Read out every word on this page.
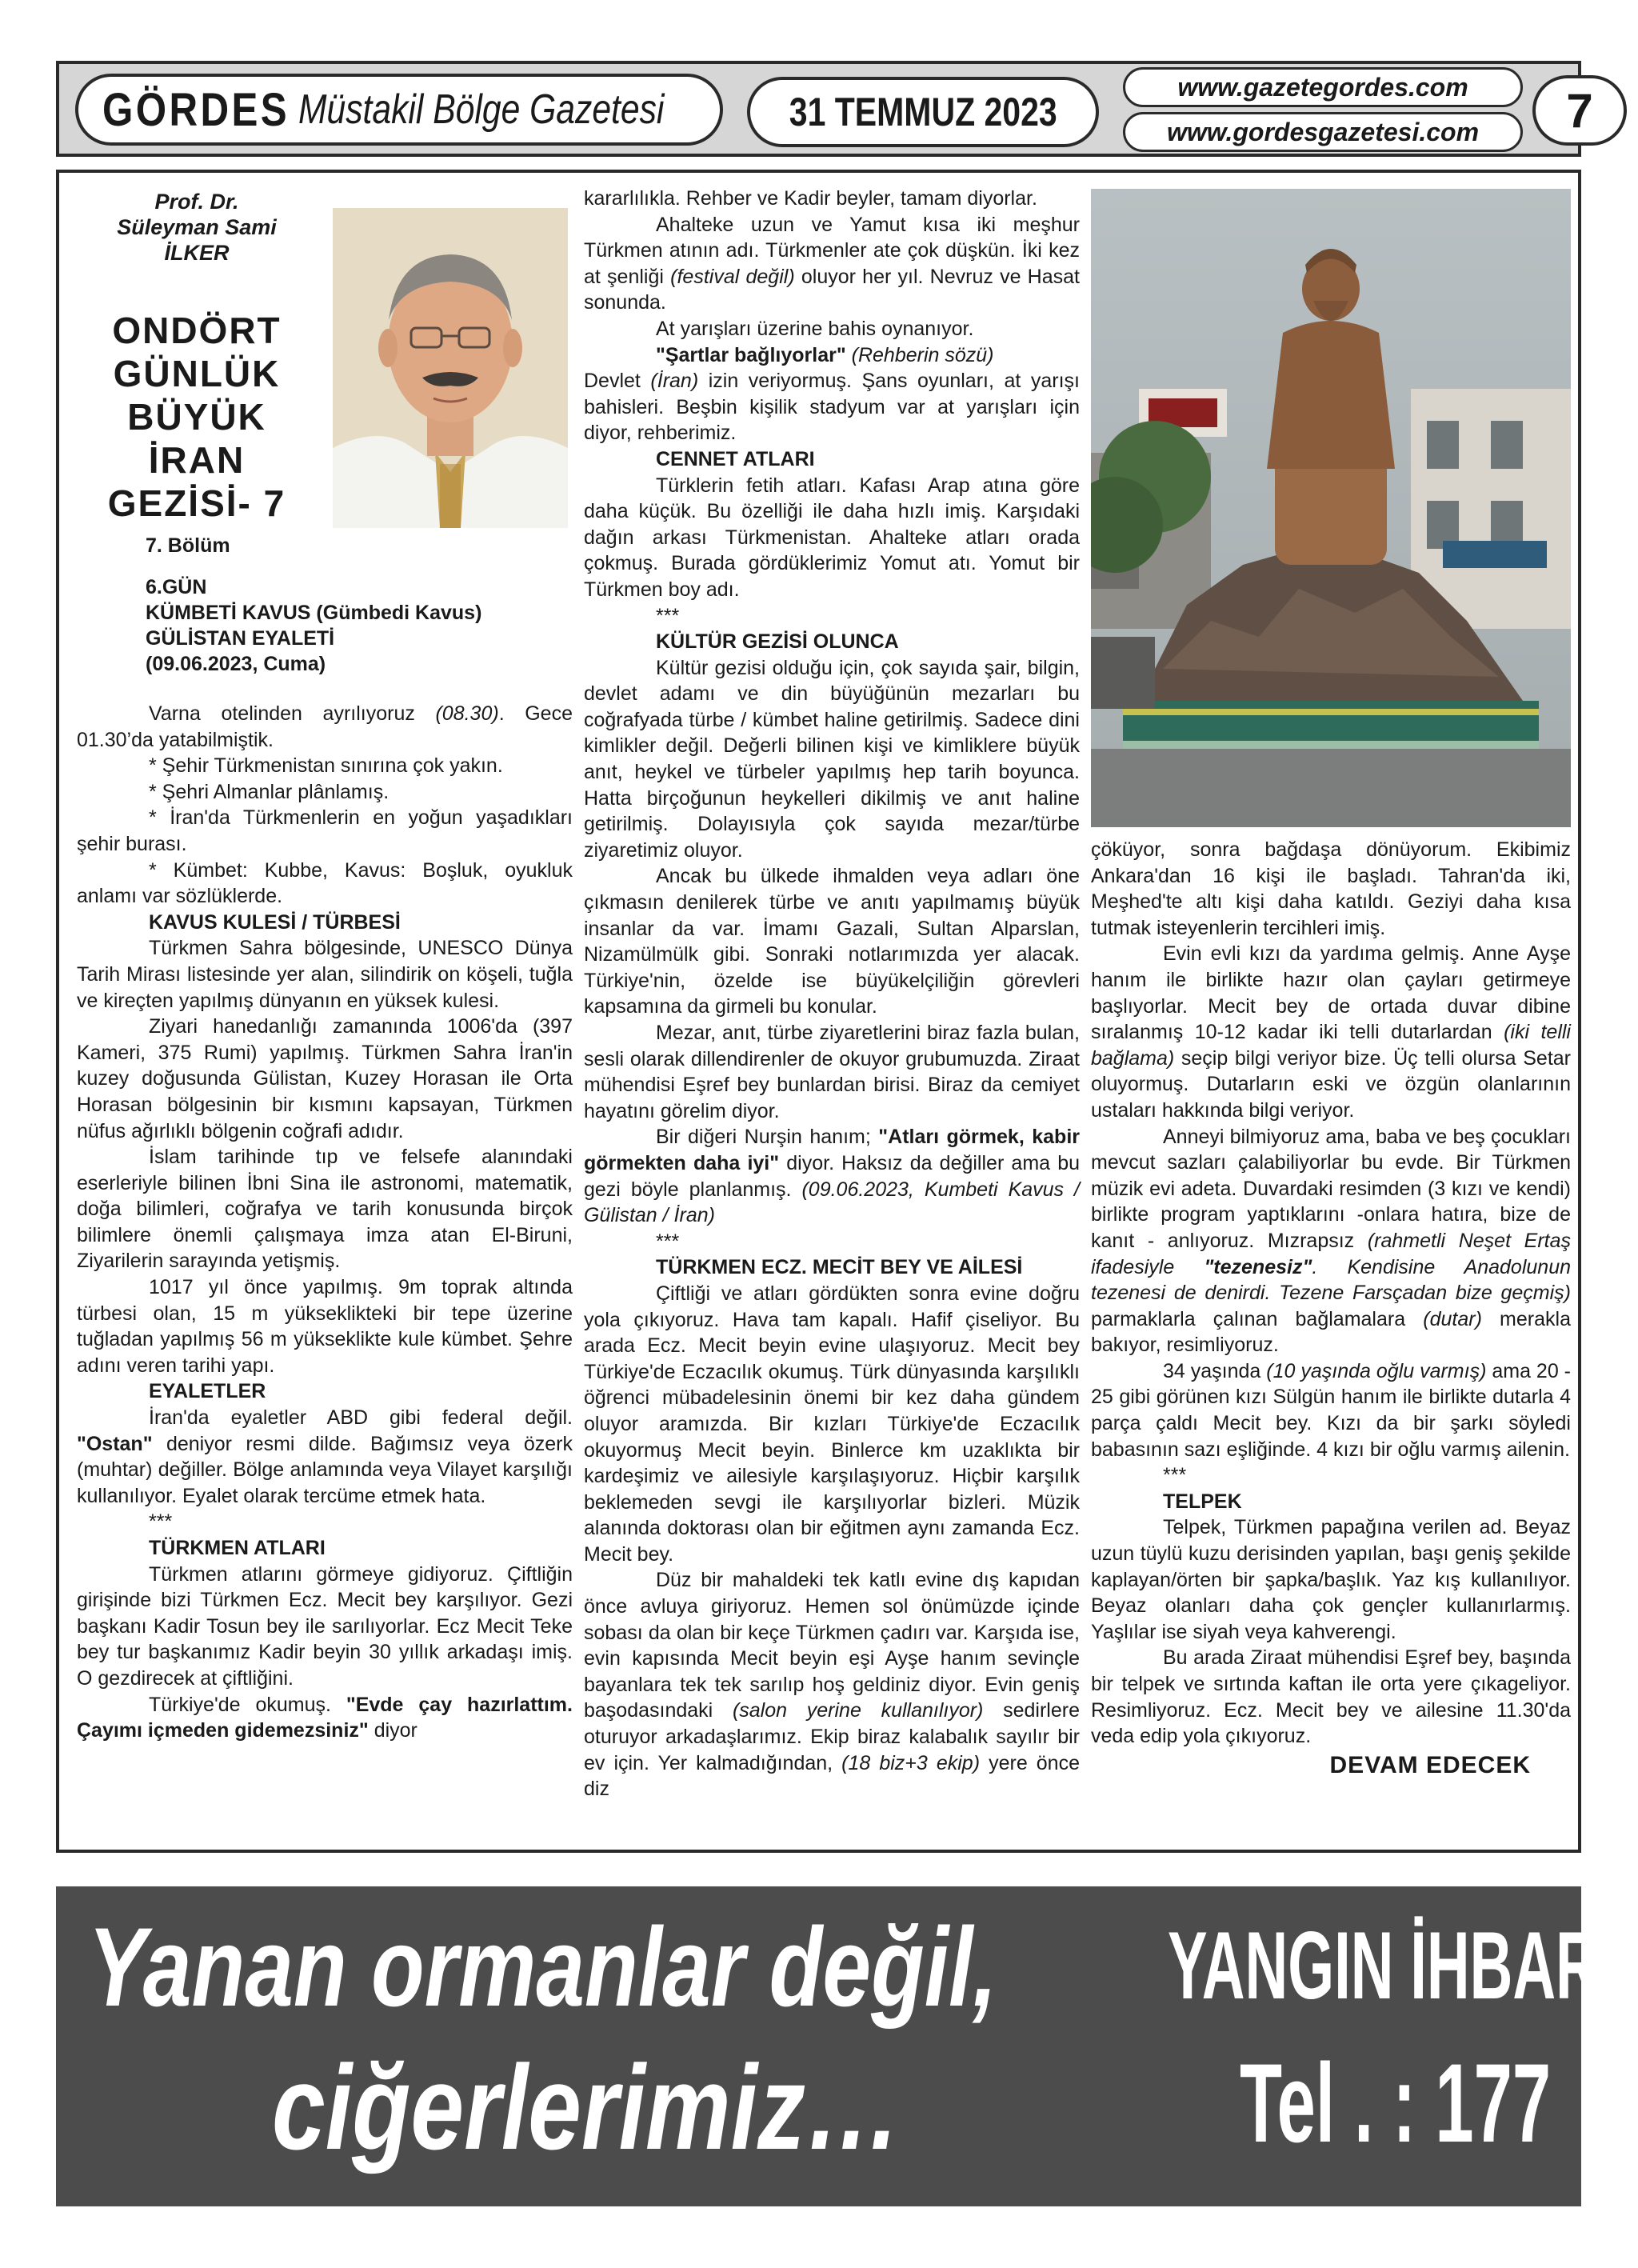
GÖRDES Müstakil Bölge Gazetesi	31 TEMMUZ 2023
www.gazetegordes.com
www.gordesgazetesi.com 7
Prof. Dr.
Süleyman Sami
İLKER
ONDÖRT
GÜNLÜK
BÜYÜK
İRAN
GEZİSİ- 7
7. Bölüm
6.GÜN
KÜMBETİ KAVUS (Gümbedi Kavus)
GÜLİSTAN EYALETİ
(09.06.2023, Cuma)

Varna otelinden ayrılıyoruz (08.30). Gece 01.30’da yatabilmiştik.

* Şehir Türkmenistan sınırına çok yakın.

* Şehri Almanlar plânlamış.

* İran'da Türkmenlerin en yoğun yaşadıkları şehir burası.

* Kümbet: Kubbe, Kavus: Boşluk, oyukluk anlamı var sözlüklerde.

KAVUS KULESİ / TÜRBESİ

Türkmen Sahra bölgesinde, UNESCO Dünya Tarih Mirası listesinde yer alan, silindirik on köşeli, tuğla ve kireçten yapılmış dünyanın en yüksek kulesi.

Ziyari hanedanlığı zamanında 1006'da (397 Kameri, 375 Rumi) yapılmış. Türkmen Sahra İran'in kuzey doğusunda Gülistan, Kuzey Horasan ile Orta Horasan bölgesinin bir kısmını kapsayan, Türkmen nüfus ağırlıklı bölgenin coğrafi adıdır.

İslam tarihinde tıp ve felsefe alanındaki eserleriyle bilinen İbni Sina ile astronomi, matematik, doğa bilimleri, coğrafya ve tarih konusunda birçok bilimlere önemli çalışmaya imza atan El-Biruni, Ziyarilerin sarayında yetişmiş.

1017 yıl önce yapılmış. 9m toprak altında türbesi olan, 15 m yükseklikteki bir tepe üzerine tuğladan yapılmış 56 m yükseklikte kule kümbet. Şehre adını veren tarihi yapı.

EYALETLER

İran'da eyaletler ABD gibi federal değil. "Ostan" deniyor resmi dilde. Bağımsız veya özerk (muhtar) değiller. Bölge anlamında veya Vilayet karşılığı kullanılıyor. Eyalet olarak tercüme etmek hata.

***

TÜRKMEN ATLARI

Türkmen atlarını görmeye gidiyoruz. Çiftliğin girişinde bizi Türkmen Ecz. Mecit bey karşılıyor. Gezi başkanı Kadir Tosun bey ile sarılıyorlar. Ecz Mecit Teke bey tur başkanımız Kadir beyin 30 yıllık arkadaşı imiş. O gezdirecek at çiftliğini.

Türkiye'de okumuş. "Evde çay hazırlattım. Çayımı içmeden gidemezsiniz" diyor

kararlılıkla. Rehber ve Kadir beyler, tamam diyorlar.

Ahalteke uzun ve Yamut kısa iki meşhur Türkmen atının adı. Türkmenler ate çok düşkün. İki kez at şenliği (festival değil) oluyor her yıl. Nevruz ve Hasat sonunda.

At yarışları üzerine bahis oynanıyor.

"Şartlar bağlıyorlar" (Rehberin sözü)

Devlet (İran) izin veriyormuş. Şans oyunları, at yarışı bahisleri. Beşbin kişilik stadyum var at yarışları için diyor, rehberimiz.

CENNET ATLARI

Türklerin fetih atları. Kafası Arap atına göre daha küçük. Bu özelliği ile daha hızlı imiş. Karşıdaki dağın arkası Türkmenistan. Ahalteke atları orada çokmuş. Burada gördüklerimiz Yomut atı. Yomut bir Türkmen boy adı.

***

KÜLTÜR GEZİSİ OLUNCA

Kültür gezisi olduğu için, çok sayıda şair, bilgin, devlet adamı ve din büyüğünün mezarları bu coğrafyada türbe / kümbet haline getirilmiş. Sadece dini kimlikler değil. Değerli bilinen kişi ve kimliklere büyük anıt, heykel ve türbeler yapılmış hep tarih boyunca. Hatta birçoğunun heykelleri dikilmiş ve anıt haline getirilmiş. Dolayısıyla çok sayıda mezar/türbe ziyaretimiz oluyor.

Ancak bu ülkede ihmalden veya adları öne çıkmasın denilerek türbe ve anıtı yapılmamış büyük insanlar da var. İmamı Gazali, Sultan Alparslan, Nizamülmülk gibi. Sonraki notlarımızda yer alacak. Türkiye'nin, özelde ise büyükelçiliğin görevleri kapsamına da girmeli bu konular.

Mezar, anıt, türbe ziyaretlerini biraz fazla bulan, sesli olarak dillendirenler de okuyor grubumuzda. Ziraat mühendisi Eşref bey bunlardan birisi. Biraz da cemiyet hayatını görelim diyor.

Bir diğeri Nurşin hanım; "Atları görmek, kabir görmekten daha iyi" diyor. Haksız da değiller ama bu gezi böyle planlanmış. (09.06.2023, Kumbeti Kavus / Gülistan / İran)

***

TÜRKMEN ECZ. MECİT BEY VE AİLESİ

Çiftliği ve atları gördükten sonra evine doğru yola çıkıyoruz. Hava tam kapalı. Hafif çiseliyor. Bu arada Ecz. Mecit beyin evine ulaşıyoruz. Mecit bey Türkiye'de Eczacılık okumuş. Türk dünyasında karşılıklı öğrenci mübadelesinin önemi bir kez daha gündem oluyor aramızda. Bir kızları Türkiye'de Eczacılık okuyormuş Mecit beyin. Binlerce km uzaklıkta bir kardeşimiz ve ailesiyle karşılaşıyoruz. Hiçbir karşılık beklemeden sevgi ile karşılıyorlar bizleri. Müzik alanında doktorası olan bir eğitmen aynı zamanda Ecz. Mecit bey.

Düz bir mahaldeki tek katlı evine dış kapıdan önce avluya giriyoruz. Hemen sol önümüzde içinde sobası da olan bir keçe Türkmen çadırı var. Karşıda ise, evin kapısında Mecit beyin eşi Ayşe hanım sevinçle bayanlara tek tek sarılıp hoş geldiniz diyor. Evin geniş başodasındaki (salon yerine kullanılıyor) sedirlere oturuyor arkadaşlarımız. Ekip biraz kalabalık sayılır bir ev için. Yer kalmadığından, (18 biz+3 ekip) yere önce diz

çöküyor, sonra bağdaşa dönüyorum. Ekibimiz Ankara'dan 16 kişi ile başladı. Tahran'da iki, Meşhed'te altı kişi daha katıldı. Geziyi daha kısa tutmak isteyenlerin tercihleri imiş.

Evin evli kızı da yardıma gelmiş. Anne Ayşe hanım ile birlikte hazır olan çayları getirmeye başlıyorlar. Mecit bey de ortada duvar dibine sıralanmış 10-12 kadar iki telli dutarlardan (iki telli bağlama) seçip bilgi veriyor bize. Üç telli olursa Setar oluyormuş. Dutarların eski ve özgün olanlarının ustaları hakkında bilgi veriyor.

Anneyi bilmiyoruz ama, baba ve beş çocukları mevcut sazları çalabiliyorlar bu evde. Bir Türkmen müzik evi adeta. Duvardaki resimden (3 kızı ve kendi) birlikte program yaptıklarını -onlara hatıra, bize de kanıt - anlıyoruz. Mızrapsız (rahmetli Neşet Ertaş ifadesiyle "tezenesiz". Kendisine Anadolunun tezenesi de denirdi. Tezene Farsçadan bize geçmiş) parmaklarla çalınan bağlamalara (dutar) merakla bakıyor, resimliyoruz.

34 yaşında (10 yaşında oğlu varmış) ama 20 - 25 gibi görünen kızı Sülgün hanım ile birlikte dutarla 4 parça çaldı Mecit bey. Kızı da bir şarkı söyledi babasının sazı eşliğinde. 4 kızı bir oğlu varmış ailenin.

***

TELPEK

Telpek, Türkmen papağına verilen ad. Beyaz uzun tüylü kuzu derisinden yapılan, başı geniş şekilde kaplayan/örten bir şapka/başlık. Yaz kış kullanılıyor. Beyaz olanları daha çok gençler kullanırlarmış. Yaşlılar ise siyah veya kahverengi.

Bu arada Ziraat mühendisi Eşref bey, başında bir telpek ve sırtında kaftan ile orta yere çıkageliyor. Resimliyoruz. Ecz. Mecit bey ve ailesine 11.30'da veda edip yola çıkıyoruz.

DEVAM EDECEK

Yanan ormanlar değil,
ciğerlerimiz…
YANGIN İHBAR
Tel . : 177
